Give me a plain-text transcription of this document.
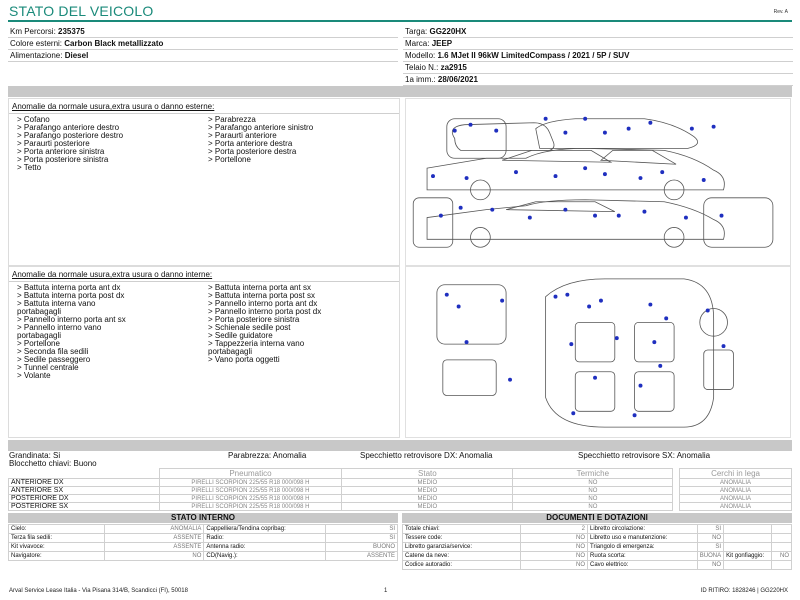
STATO DEL VEICOLO	Rev. A
Km Percorsi: 235375
Colore esterni: Carbon Black metallizzato
Alimentazione: Diesel
Targa: GG220HX
Marca: JEEP
Modello: 1.6 MJet II 96kW LimitedCompass / 2021 / 5P / SUV
Telaio N.: za2915
1a imm.: 28/06/2021
Anomalie da normale usura,extra usura o danno esterne:
> Cofano
> Parafango anteriore destro
> Parafango posteriore destro
> Paraurti posteriore
> Porta anteriore sinistra
> Porta posteriore sinistra
> Tetto
> Parabrezza
> Parafango anteriore sinistro
> Paraurti anteriore
> Porta anteriore destra
> Porta posteriore destra
> Portellone
Anomalie da normale usura,extra usura o danno interne:
> Battuta interna porta ant dx
> Battuta interna porta post dx
> Battuta interna vano
portabagagli
> Pannello interno porta ant sx
> Pannello interno vano
portabagagli
> Portellone
> Seconda fila sedili
> Sedile passeggero
> Tunnel centrale
> Volante
> Battuta interna porta ant sx
> Battuta interna porta post sx
> Pannello interno porta ant dx
> Pannello interno porta post dx
> Porta posteriore sinistra
> Schienale sedile post
> Sedile guidatore
> Tappezzeria interna vano
portabagagli
> Vano porta oggetti
Grandinata: Si	Parabrezza: Anomalia	Specchietto retrovisore DX: Anomalia	Specchietto retrovisore SX: Anomalia
Blocchetto chiavi: Buono
	Pneumatico	Stato	Termiche		Cerchi in lega
ANTERIORE DX	PIRELLI SCORPION 225/55 R18 000/098 H	MEDIO	NO		ANOMALIA
ANTERIORE SX	PIRELLI SCORPION 225/55 R18 000/098 H	MEDIO	NO		ANOMALIA
POSTERIORE DX	PIRELLI SCORPION 225/55 R18 000/098 H	MEDIO	NO		ANOMALIA
POSTERIORE SX	PIRELLI SCORPION 225/55 R18 000/098 H	MEDIO	NO		ANOMALIA
STATO INTERNO
Cielo:	ANOMALIA	Cappelliera/Tendina copribag:	SI
Terza fila sedili:	ASSENTE	Radio:	SI
Kit vivavoce:	ASSENTE	Antenna radio:	BUONO
Navigatore:	NO	CD(Navig.):	ASSENTE
DOCUMENTI E DOTAZIONI
Totale chiavi:	2	Libretto circolazione:	SI		
Tessere code:	NO	Libretto uso e manutenzione:	NO		
Libretto garanzia/service:	NO	Triangolo di emergenza:	SI		
Catene da neve:	NO	Ruota scorta:	BUONA	Kit gonfiaggio:	NO
Codice autoradio:	NO	Cavo elettrico:	NO		
Arval Service Lease Italia - Via Pisana 314/B, Scandicci (FI), 50018	1	ID RITIRO: 1828246 | GG220HX
